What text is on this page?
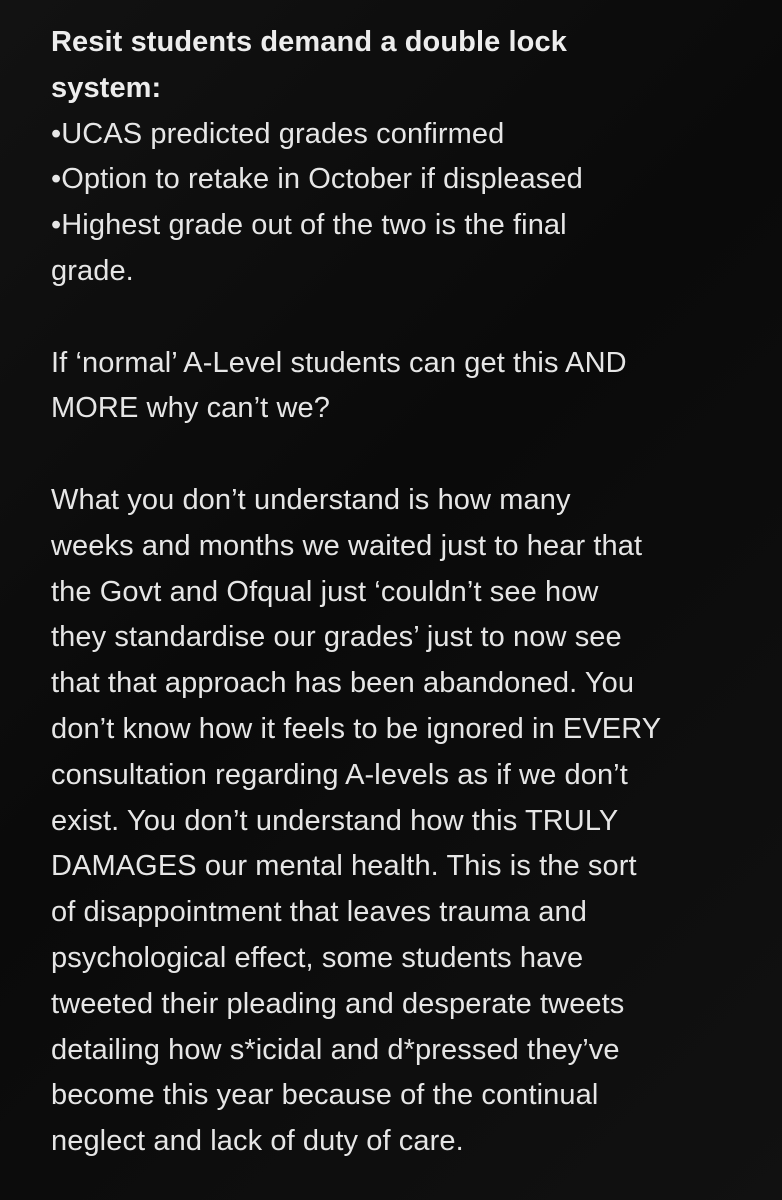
Resit students demand a double lock
system:
•UCAS predicted grades confirmed
•Option to retake in October if displeased
•Highest grade out of the two is the final
grade.
If ‘normal’ A-Level students can get this AND
MORE why can’t we?
What you don’t understand is how many
weeks and months we waited just to hear that
the Govt and Ofqual just ‘couldn’t see how
they standardise our grades’ just to now see
that that approach has been abandoned. You
don’t know how it feels to be ignored in EVERY
consultation regarding A-levels as if we don’t
exist. You don’t understand how this TRULY
DAMAGES our mental health. This is the sort
of disappointment that leaves trauma and
psychological effect, some students have
tweeted their pleading and desperate tweets
detailing how s*icidal and d*pressed they’ve
become this year because of the continual
neglect and lack of duty of care.
